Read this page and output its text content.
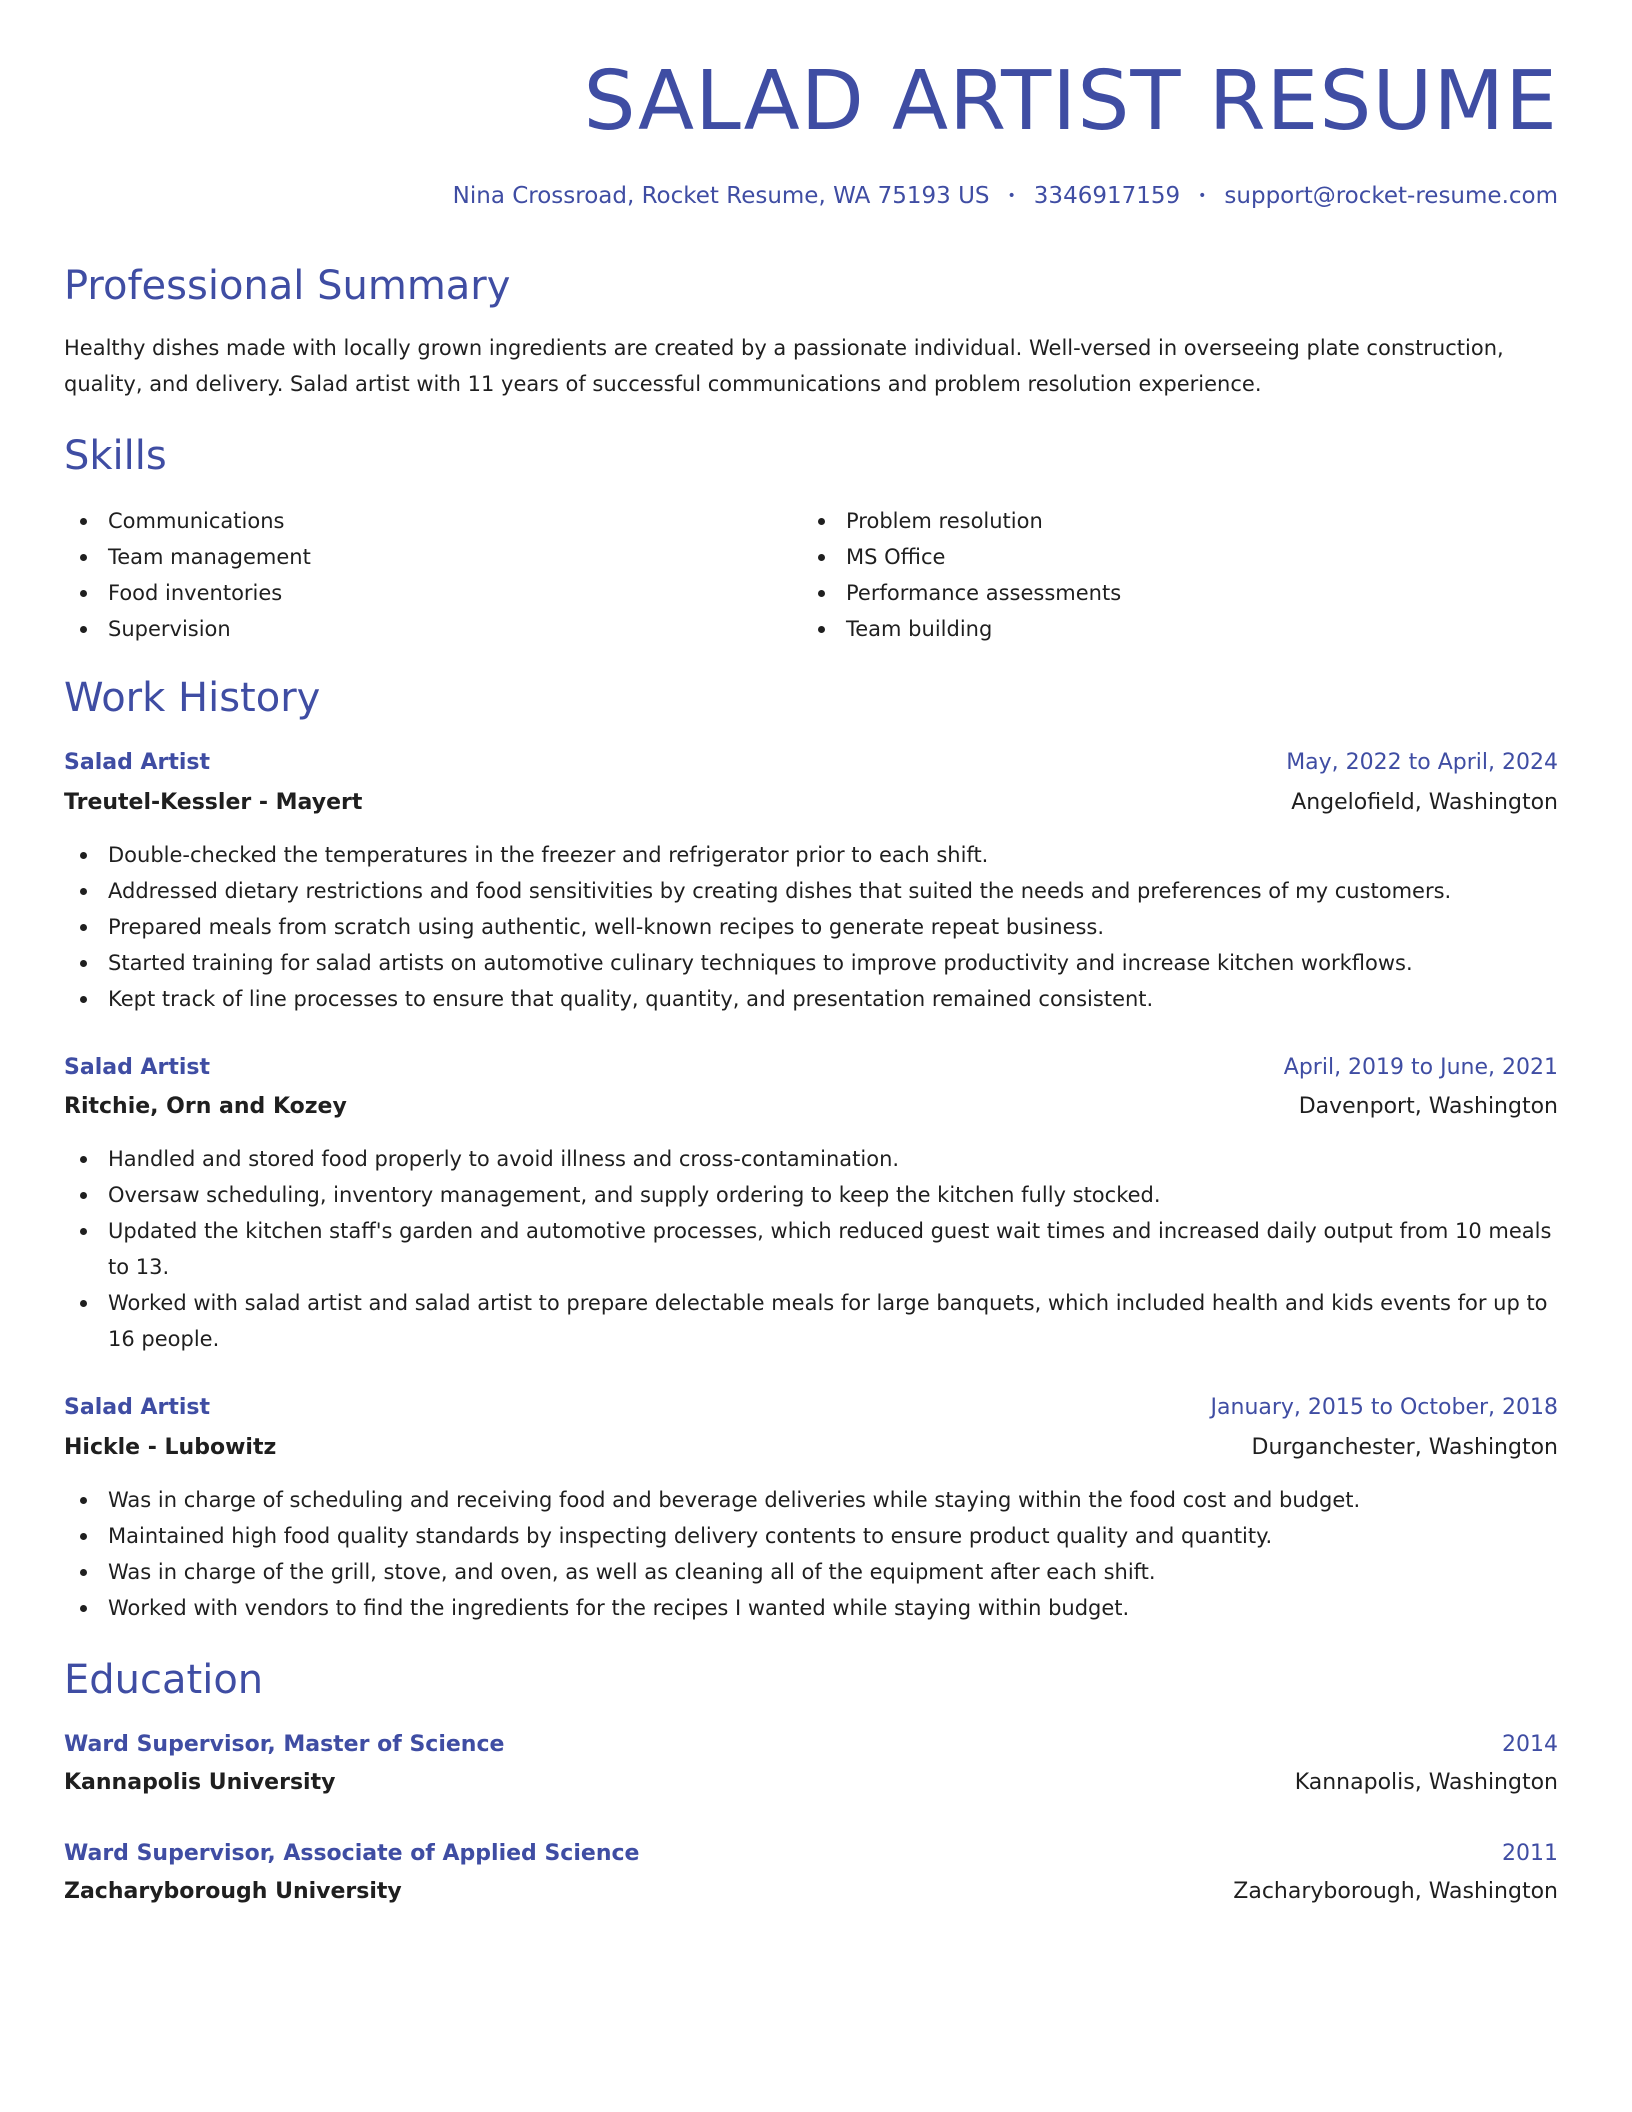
SALAD ARTIST RESUME
Nina Crossroad, Rocket Resume, WA 75193 US • 3346917159 • support@rocket-resume.com
Professional Summary

Healthy dishes made with locally grown ingredients are created by a passionate individual. Well-versed in overseeing plate construction, quality, and delivery. Salad artist with 11 years of successful communications and problem resolution experience.

Skills
Communications
Team management
Food inventories
Supervision
Problem resolution
MS Office
Performance assessments
Team building
Work History
Salad Artist	May, 2022 to April, 2024
Treutel-Kessler - Mayert	Angelofield, Washington
Double-checked the temperatures in the freezer and refrigerator prior to each shift.
Addressed dietary restrictions and food sensitivities by creating dishes that suited the needs and preferences of my customers.
Prepared meals from scratch using authentic, well-known recipes to generate repeat business.
Started training for salad artists on automotive culinary techniques to improve productivity and increase kitchen workflows.
Kept track of line processes to ensure that quality, quantity, and presentation remained consistent.
Salad Artist	April, 2019 to June, 2021
Ritchie, Orn and Kozey	Davenport, Washington
Handled and stored food properly to avoid illness and cross-contamination.
Oversaw scheduling, inventory management, and supply ordering to keep the kitchen fully stocked.
Updated the kitchen staff's garden and automotive processes, which reduced guest wait times and increased daily output from 10 meals to 13.
Worked with salad artist and salad artist to prepare delectable meals for large banquets, which included health and kids events for up to 16 people.
Salad Artist	January, 2015 to October, 2018
Hickle - Lubowitz	Durganchester, Washington
Was in charge of scheduling and receiving food and beverage deliveries while staying within the food cost and budget.
Maintained high food quality standards by inspecting delivery contents to ensure product quality and quantity.
Was in charge of the grill, stove, and oven, as well as cleaning all of the equipment after each shift.
Worked with vendors to find the ingredients for the recipes I wanted while staying within budget.
Education
Ward Supervisor, Master of Science	2014
Kannapolis University	Kannapolis, Washington
Ward Supervisor, Associate of Applied Science	2011
Zacharyborough University	Zacharyborough, Washington
